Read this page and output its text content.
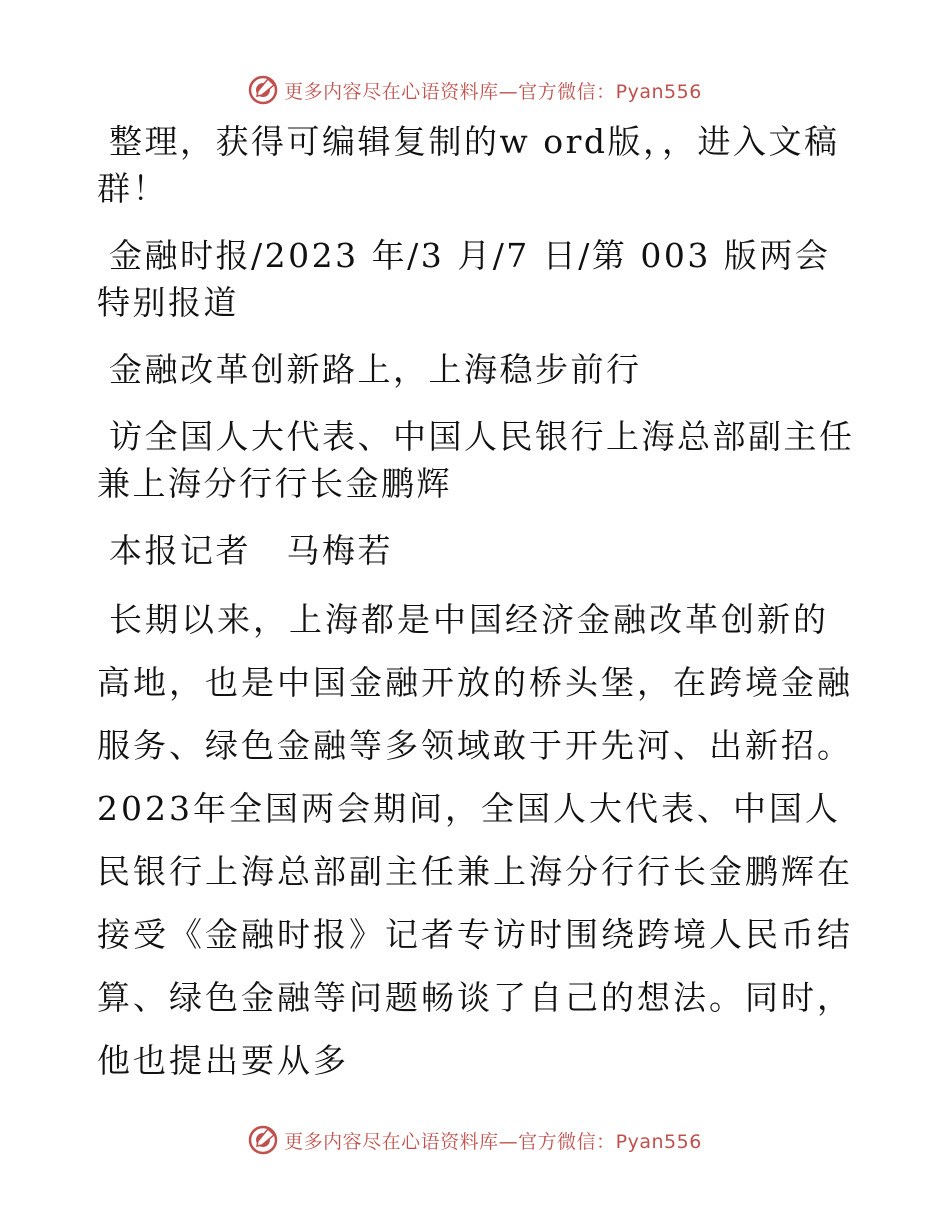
更多内容尽在心语资料库—官方微信：Pyan556

整理，获得可编辑复制的w ord版，，进入文稿群！

金融时报/2023 年/3 月/7 日/第 003 版两会特别报道

金融改革创新路上，上海稳步前行

访全国人大代表、中国人民银行上海总部副主任兼上海分行行长金鹏辉

本报记者　马梅若

长期以来，上海都是中国经济金融改革创新的高地，也是中国金融开放的桥头堡，在跨境金融服务、绿色金融等多领域敢于开先河、出新招。2023年全国两会期间，全国人大代表、中国人民银行上海总部副主任兼上海分行行长金鹏辉在接受《金融时报》记者专访时围绕跨境人民币结算、绿色金融等问题畅谈了自己的想法。同时，他也提出要从多

更多内容尽在心语资料库—官方微信：Pyan556
